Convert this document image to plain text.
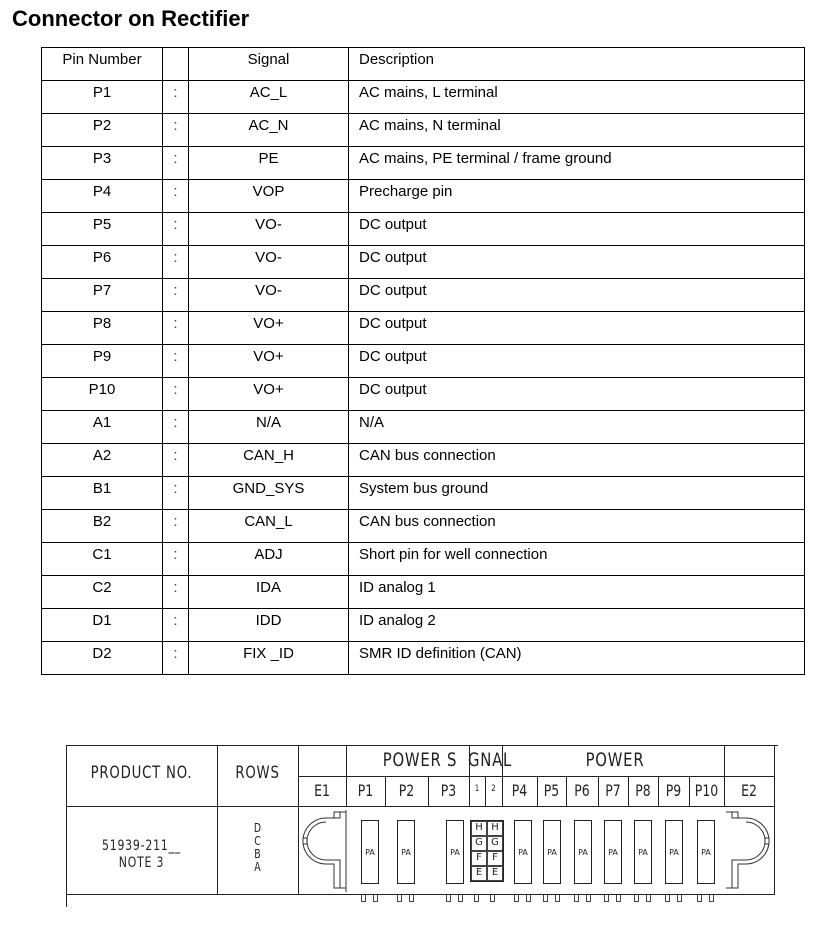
Connector on Rectifier
Pin Number		Signal	Description
P1	:	AC_L	AC mains, L terminal
P2	:	AC_N	AC mains, N terminal
P3	:	PE	AC mains, PE terminal / frame ground
P4	:	VOP	Precharge pin
P5	:	VO-	DC output
P6	:	VO-	DC output
P7	:	VO-	DC output
P8	:	VO+	DC output
P9	:	VO+	DC output
P10	:	VO+	DC output
A1	:	N/A	N/A
A2	:	CAN_H	CAN bus connection
B1	:	GND_SYS	System bus ground
B2	:	CAN_L	CAN bus connection
C1	:	ADJ	Short pin for well connection
C2	:	IDA	ID analog 1
D1	:	IDD	ID analog 2
D2	:	FIX _ID	SMR ID definition (CAN)
PRODUCT NO.	ROWS
POWER S GNAL	POWER
51939-211__
NOTE 3
E1	P1	P2	P3	1	2	P4	P5 P6 P7 P8 P9 P10	E2
D
C
B
A
PA	PA	PA	PA	PA	PA	PA	PA	PA	PA
H H
G G
F	F
E E
